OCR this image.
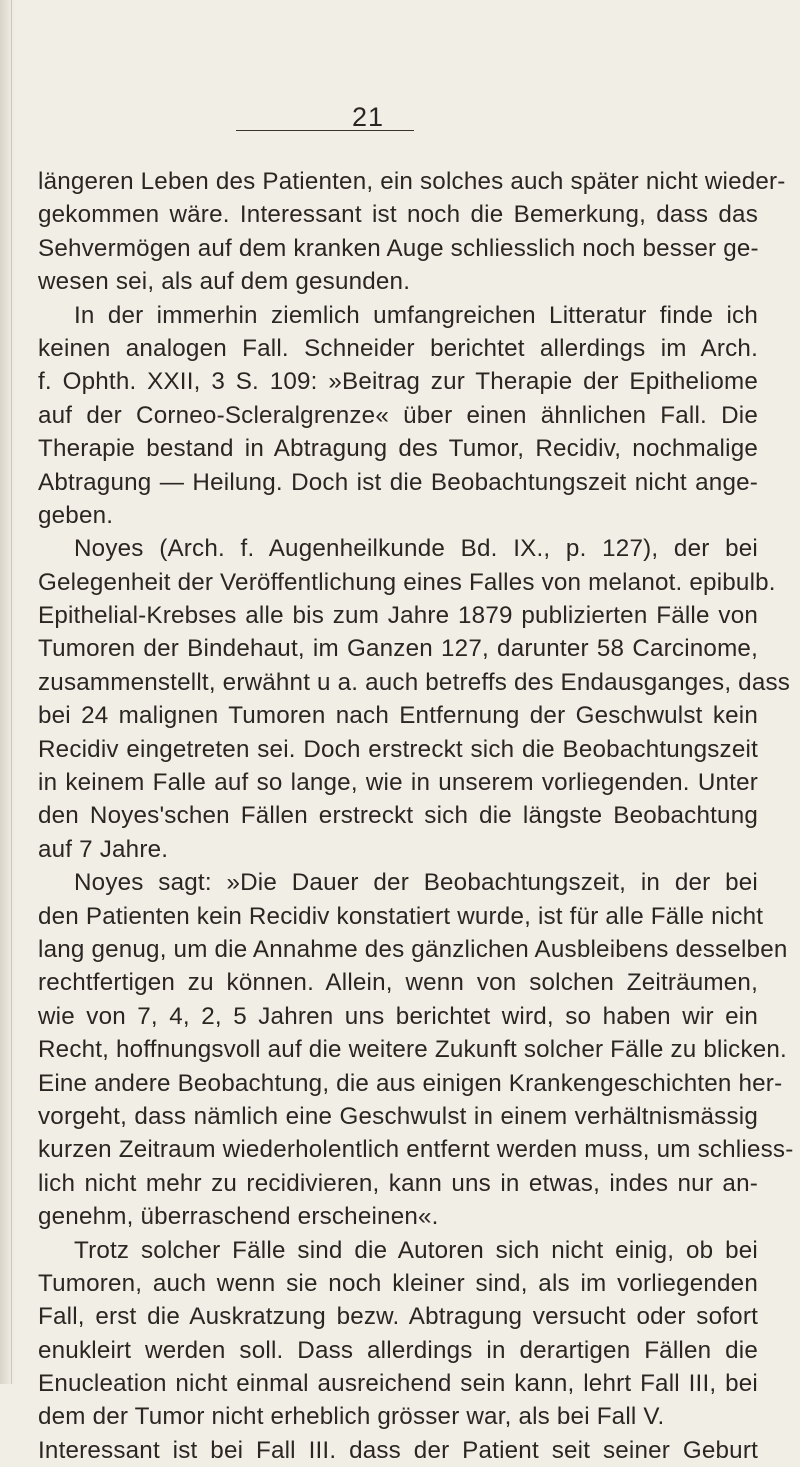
21
längeren Leben des Patienten, ein solches auch später nicht wieder-
gekommen wäre. Interessant ist noch die Bemerkung, dass das
Sehvermögen auf dem kranken Auge schliesslich noch besser ge-
wesen sei, als auf dem gesunden.
In der immerhin ziemlich umfangreichen Litteratur finde ich
keinen analogen Fall. Schneider berichtet allerdings im Arch.
f. Ophth. XXII, 3 S. 109: »Beitrag zur Therapie der Epitheliome
auf der Corneo-Scleralgrenze« über einen ähnlichen Fall. Die
Therapie bestand in Abtragung des Tumor, Recidiv, nochmalige
Abtragung — Heilung. Doch ist die Beobachtungszeit nicht ange-
geben.
Noyes (Arch. f. Augenheilkunde Bd. IX., p. 127), der bei
Gelegenheit der Veröffentlichung eines Falles von melanot. epibulb.
Epithelial-Krebses alle bis zum Jahre 1879 publizierten Fälle von
Tumoren der Bindehaut, im Ganzen 127, darunter 58 Carcinome,
zusammenstellt, erwähnt u a. auch betreffs des Endausganges, dass
bei 24 malignen Tumoren nach Entfernung der Geschwulst kein
Recidiv eingetreten sei. Doch erstreckt sich die Beobachtungszeit
in keinem Falle auf so lange, wie in unserem vorliegenden. Unter
den Noyes'schen Fällen erstreckt sich die längste Beobachtung
auf 7 Jahre.
Noyes sagt: »Die Dauer der Beobachtungszeit, in der bei
den Patienten kein Recidiv konstatiert wurde, ist für alle Fälle nicht
lang genug, um die Annahme des gänzlichen Ausbleibens desselben
rechtfertigen zu können. Allein, wenn von solchen Zeiträumen,
wie von 7, 4, 2, 5 Jahren uns berichtet wird, so haben wir ein
Recht, hoffnungsvoll auf die weitere Zukunft solcher Fälle zu blicken.
Eine andere Beobachtung, die aus einigen Krankengeschichten her-
vorgeht, dass nämlich eine Geschwulst in einem verhältnismässig
kurzen Zeitraum wiederholentlich entfernt werden muss, um schliess-
lich nicht mehr zu recidivieren, kann uns in etwas, indes nur an-
genehm, überraschend erscheinen«.
Trotz solcher Fälle sind die Autoren sich nicht einig, ob bei
Tumoren, auch wenn sie noch kleiner sind, als im vorliegenden
Fall, erst die Auskratzung bezw. Abtragung versucht oder sofort
enukleirt werden soll. Dass allerdings in derartigen Fällen die
Enucleation nicht einmal ausreichend sein kann, lehrt Fall III, bei
dem der Tumor nicht erheblich grösser war, als bei Fall V.
Interessant ist bei Fall III. dass der Patient seit seiner Geburt
